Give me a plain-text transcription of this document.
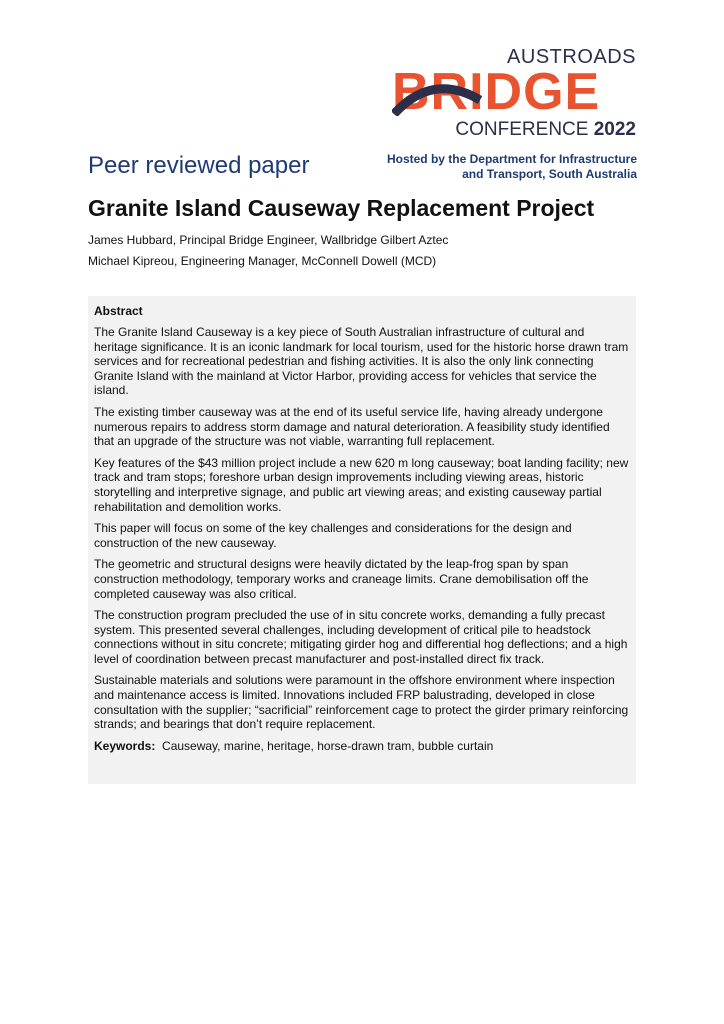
AUSTROADS
BRIDGE
CONFERENCE 2022
Peer reviewed paper	Hosted by the Department for Infrastructure
and Transport, South Australia
Granite Island Causeway Replacement Project
James Hubbard, Principal Bridge Engineer, Wallbridge Gilbert Aztec
Michael Kipreou, Engineering Manager, McConnell Dowell (MCD)
Abstract

The Granite Island Causeway is a key piece of South Australian infrastructure of cultural and heritage significance. It is an iconic landmark for local tourism, used for the historic horse drawn tram services and for recreational pedestrian and fishing activities. It is also the only link connecting Granite Island with the mainland at Victor Harbor, providing access for vehicles that service the island.

The existing timber causeway was at the end of its useful service life, having already undergone numerous repairs to address storm damage and natural deterioration. A feasibility study identified that an upgrade of the structure was not viable, warranting full replacement.

Key features of the $43 million project include a new 620 m long causeway; boat landing facility; new track and tram stops; foreshore urban design improvements including viewing areas, historic storytelling and interpretive signage, and public art viewing areas; and existing causeway partial rehabilitation and demolition works.

This paper will focus on some of the key challenges and considerations for the design and construction of the new causeway.

The geometric and structural designs were heavily dictated by the leap-frog span by span construction methodology, temporary works and craneage limits. Crane demobilisation off the completed causeway was also critical.

The construction program precluded the use of in situ concrete works, demanding a fully precast system. This presented several challenges, including development of critical pile to headstock connections without in situ concrete; mitigating girder hog and differential hog deflections; and a high level of coordination between precast manufacturer and post-installed direct fix track.

Sustainable materials and solutions were paramount in the offshore environment where inspection and maintenance access is limited. Innovations included FRP balustrading, developed in close consultation with the supplier; “sacrificial” reinforcement cage to protect the girder primary reinforcing strands; and bearings that don’t require replacement.

Keywords: Causeway, marine, heritage, horse-drawn tram, bubble curtain
